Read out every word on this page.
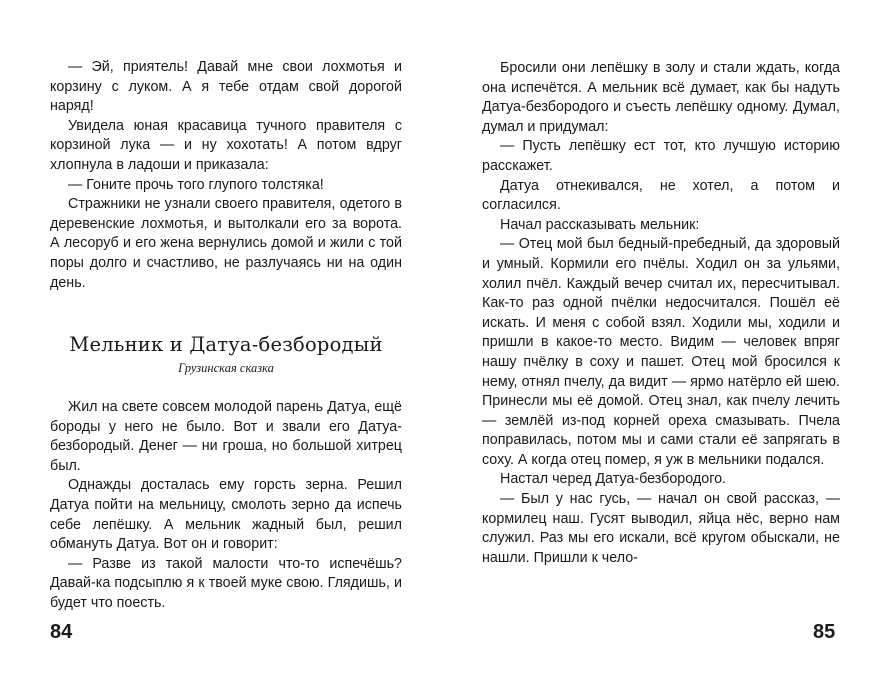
— Эй, приятель! Давай мне свои лохмотья и корзину с луком. А я тебе отдам свой дорогой наряд!

Увидела юная красавица тучного правителя с корзиной лука — и ну хохотать! А потом вдруг хлопнула в ладоши и приказала:

— Гоните прочь того глупого толстяка!

Стражники не узнали своего правителя, одетого в деревенские лохмотья, и вытолкали его за ворота. А лесоруб и его жена вернулись домой и жили с той поры долго и счастливо, не разлучаясь ни на один день.

Мельник и Датуа-безбородый
Грузинская сказка

Жил на свете совсем молодой парень Датуа, ещё бороды у него не было. Вот и звали его Датуа-безбородый. Денег — ни гроша, но большой хитрец был.

Однажды досталась ему горсть зерна. Решил Датуа пойти на мельницу, смолоть зерно да испечь себе лепёшку. А мельник жадный был, решил обмануть Датуа. Вот он и говорит:

— Разве из такой малости что-то испечёшь? Давай-ка подсыплю я к твоей муке свою. Глядишь, и будет что поесть.

84

Бросили они лепёшку в золу и стали ждать, когда она испечётся. А мельник всё думает, как бы надуть Датуа-безбородого и съесть лепёшку одному. Думал, думал и придумал:

— Пусть лепёшку ест тот, кто лучшую историю расскажет.

Датуа отнекивался, не хотел, а потом и согласился.

Начал рассказывать мельник:

— Отец мой был бедный-пребедный, да здоровый и умный. Кормили его пчёлы. Ходил он за ульями, холил пчёл. Каждый вечер считал их, пересчитывал. Как-то раз одной пчёлки недосчитался. Пошёл её искать. И меня с собой взял. Ходили мы, ходили и пришли в какое-то место. Видим — человек впряг нашу пчёлку в соху и пашет. Отец мой бросился к нему, отнял пчелу, да видит — ярмо натёрло ей шею. Принесли мы её домой. Отец знал, как пчелу лечить — землёй из-под корней ореха смазывать. Пчела поправилась, потом мы и сами стали её запрягать в соху. А когда отец помер, я уж в мельники подался.

Настал черед Датуа-безбородого.

— Был у нас гусь, — начал он свой рассказ, — кормилец наш. Гусят выводил, яйца нёс, верно нам служил. Раз мы его искали, всё кругом обыскали, не нашли. Пришли к чело-

85
